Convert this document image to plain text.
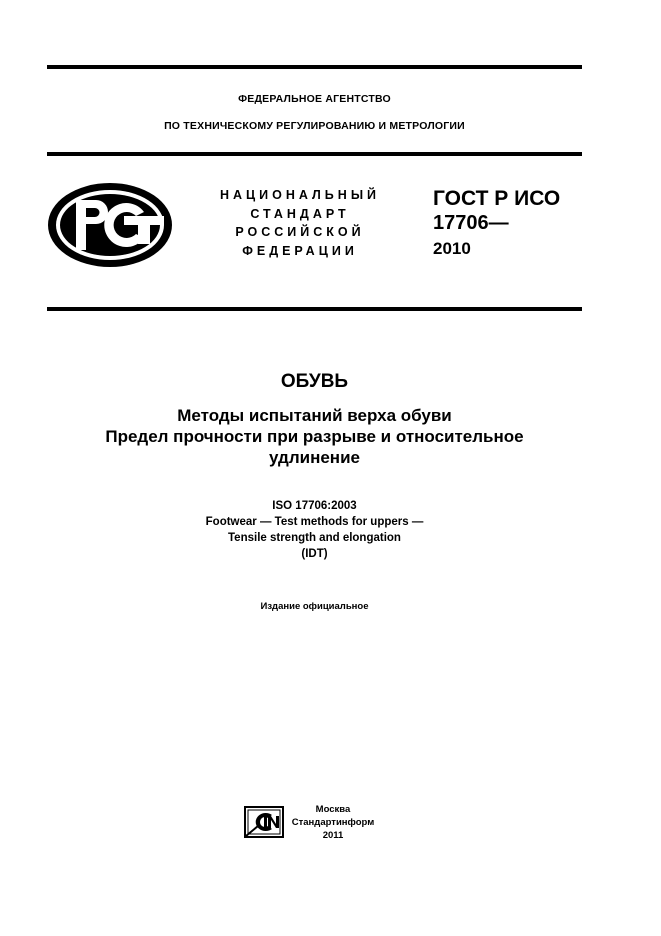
ФЕДЕРАЛЬНОЕ АГЕНТСТВО
ПО ТЕХНИЧЕСКОМУ РЕГУЛИРОВАНИЮ И МЕТРОЛОГИИ
НАЦИОНАЛЬНЫЙ
СТАНДАРТ
РОССИЙСКОЙ
ФЕДЕРАЦИИ
ГОСТ Р ИСО
17706—
2010
ОБУВЬ
Методы испытаний верха обуви
Предел прочности при разрыве и относительное
удлинение
ISO 17706:2003
Footwear — Test methods for uppers —
Tensile strength and elongation
(IDT)
Издание официальное
Москва
Стандартинформ
2011
